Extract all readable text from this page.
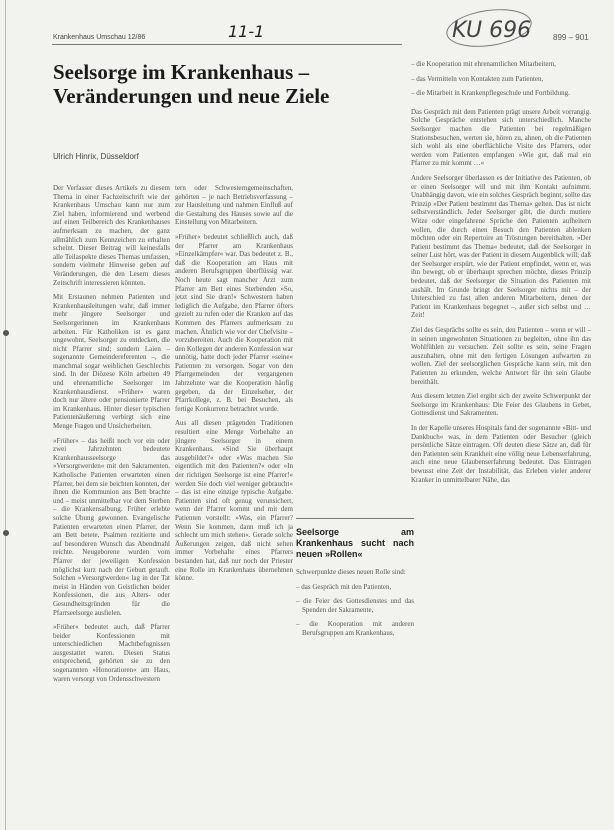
Krankenhaus Umschau 12/86	11-1	KU 696	899 – 901
Seelsorge im Krankenhaus – Veränderungen und neue Ziele
Ulrich Hinrix, Düsseldorf

Der Verfasser dieses Artikels zu diesem Thema in einer Fachzeitschrift wie der Krankenhaus Umschau kann nur zum Ziel haben, informierend und werbend auf einen Teilbereich des Krankenhauses aufmerksam zu machen, der ganz allmählich zum Kennzeichen zu erhalten scheint. Dieser Beitrag will keinesfalls alle Teilaspekte dieses Themas umfassen, sondern vielmehr Hinweise geben auf Veränderungen, die den Lesern dieses Zeitschrift interessieren könnten.

Mit Erstaunen nehmen Patienten und Krankenhausleitungen wahr, daß immer mehr jüngere Seelsorger und Seelsorgerinnen im Krankenhaus arbeiten. Für Katholiken ist es ganz ungewohnt, Seelsorger zu entdecken, die nicht Pfarrer sind; sondern Laien – sogenannte Gemeindereferenten –, die manchmal sogar weiblichen Geschlechts sind. In der Diözese Köln arbeiten 49 und ehrenamtliche Seelsorger im Krankenhausdienst. »Früher« waren doch nur ältere oder pensionierte Pfarrer im Krankenhaus. Hinter dieser typischen Patientenäußerung verbirgt sich eine Menge Fragen und Unsicherheiten.

»Früher« – das heißt noch vor ein oder zwei Jahrzehnten bedeutete Krankenhausseelsorge das »Versorgtwerden« mit den Sakramenten. Katholische Patienten erwarteten einen Pfarrer, bei dem sie beichten konnten, der ihnen die Kommunion ans Bett brachte und – meist unmittelbar vor dem Sterben – die Krankensalbung. Früher erlebte solche Übung gewonnen. Evangelische Patienten erwarteten einen Pfarrer, der am Bett betete, Psalmen rezitierte und auf besonderen Wunsch das Abendmahl reichte. Neugeborene wurden vom Pfarrer der jeweiligen Konfession möglichst kurz nach der Geburt getauft. Solchen »Versorgtwerden« lag in der Tat meist in Händen von Geistlichen beider Konfessionen, die aus Alters- oder Gesundheitsgründen für die Pfarrseelsorge ausfielen.

»Früher« bedeutet auch, daß Pfarrer beider Konfessionen mit unterschiedlichen Machtbefugnissen ausgestattet waren. Diesen Status entsprechend, gehörten sie zu den sogenannten »Honoratioren« am Haus, waren versorgt von Ordensschwestern

tern oder Schwesterngemeinschaften, gehörten – je nach Betriebsverfassung – zur Hausleitung und nahmen Einfluß auf die Gestaltung des Hauses sowie auf die Einstellung von Mitarbeitern.

»Früher« bedeutet schließlich auch, daß der Pfarrer am Krankenhaus »Einzelkämpfer« war. Das bedeutet z. B., daß die Kooperation am Haus mit anderen Berufsgruppen überflüssig war. Noch heute sagt mancher Arzt zum Pfarrer am Bett eines Sterbenden »So, jetzt sind Sie dran!« Schwestern haben lediglich die Aufgabe, den Pfarrer öfters gezielt zu rufen oder die Kranken auf das Kommen des Pfarrers aufmerksam zu machen. Ähnlich wie vor der Chefvisite – vorzubereiten. Auch die Kooperation mit den Kollegen der anderen Konfession war unnötig, hatte doch jeder Pfarrer »seine« Patienten zu versorgen. Sogar von den Pfarrgemeinden der vergangenen Jahrzehnte war die Kooperation häufig gegeben, da der Einzelseher, der Pfarrkollege, z. B. bei Besuchen, als fertige Konkurrenz betrachtet wurde.

Aus all diesen prägenden Traditionen resultiert eine Menge Vorbehalte an jüngere Seelsorger in einem Krankenhaus. »Sind Sie überhaupt ausgebildet?« oder »Was machen Sie eigentlich mit den Patienten?« oder »In der richtigen Seelsorge ist eine Pfarrer!« werden Sie doch viel weniger gebraucht« – das ist eine einzige typische Aufgabe. Patienten sind oft genug verunsichert, wenn der Pfarrer kommt und mit dem Patienten vorstellt: »Was, ein Pfarrer? Wenn Sie kommen, dann muß ich ja schlecht um mich stehen«. Gerade solche Äußerungen zeigen, daß nicht selten immer Vorbehalte eines Pfarrers bestanden hat, daß nur noch der Priester eine Rolle im Krankenhaus übernehmen könne.

Seelsorge am Krankenhaus sucht nach neuen »Rollen«

Schwerpunkte dieses neuen Rolle sind:

– das Gespräch mit den Patienten,

– die Feier des Gottesdienstes und das Spenden der Sakramente,

– die Kooperation mit anderen Berufsgruppen am Krankenhaus,

– die Kooperation mit ehrenamtlichen Mitarbeitern,

– das Vermitteln von Kontakten zum Patienten,

– die Mitarbeit in Krankenpflegeschule und Fortbildung.

Das Gespräch mit dem Patienten prägt unsere Arbeit vorrangig. Solche Gespräche entstehen sich unterschiedlich. Manche Seelsorger machen die Patienten bei regelmäßigen Stationsbesuchen, werten sie, hören zu, ahnen, ob die Patienten sich wohl als eine oberflächliche Visite des Pfarrers, oder werden vom Patienten empfangen »Wie gut, daß mal ein Pfarrer zu mir kommt …«

Andere Seelsorger überlassen es der Initiative des Patienten, ob er einen Seelsorger will und mit ihm Kontakt aufnimmt. Unabhängig davon, wie ein solches Gespräch beginnt, sollte das Prinzip »Der Patient bestimmt das Thema« gelten. Das ist nicht selbstverständlich. Jeder Seelsorger gibt, die durch mutiere Witze oder eingefahrene Sprüche den Patienten aufheitern wollen, die durch einen Besuch den Patienten ablenken möchten oder ein Repertoire an Tröstungen bereithalten. »Der Patient bestimmt das Thema« bedeutet, daß der Seelsorger in seiner Lust hört, was der Patient in diesem Augenblick will; daß der Seelsorger erspürt, wie der Patient empfindet, wenn er, was ihn bewegt, ob er überhaupt sprechen möchte, dieses Prinzip bedeutet, daß der Seelsorger die Situation des Patienten mit aushält. Im Grunde bringt der Seelsorger nichts mit – der Unterschied zu fast allen anderen Mitarbeitern, denen der Patient im Krankenhaus begegnet –, außer sich selbst und … Zeit!

Ziel des Gesprächs sollte es sein, den Patienten – wenn er will – in seinen ungewohnten Situationen zu begleiten, ohne ihn das Wohlfühlen zu versuchen. Zeit sollte es sein, seine Fragen auszuhalten, ohne mit den fertigen Lösungen aufwarten zu wollen. Ziel der seelsorglichen Gespräche kann sein, mit den Patienten zu erkunden, welche Antwort für ihn sein Glaube bereithält.

Aus diesem letzten Ziel ergibt sich der zweite Schwerpunkt der Seelsorge im Krankenhaus: Die Feier des Glaubens in Gebet, Gottesdienst und Sakramenten.

In der Kapelle unseres Hospitals fand der sogenannte »Bitt- und Dankbuch« was, in dem Patienten oder Besucher (gleich persönliche Sätze eintragen. Oft deuten diese Sätze an, daß für den Patienten sein Krankheit eine völlig neue Lebenserfahrung, auch eine neue Glaubenserfahrung bedeutet. Das Eintragen bewusst eine Zeit der Instabilität, das Erleben vieler anderer Kranker in unmittelbarer Nähe, das
